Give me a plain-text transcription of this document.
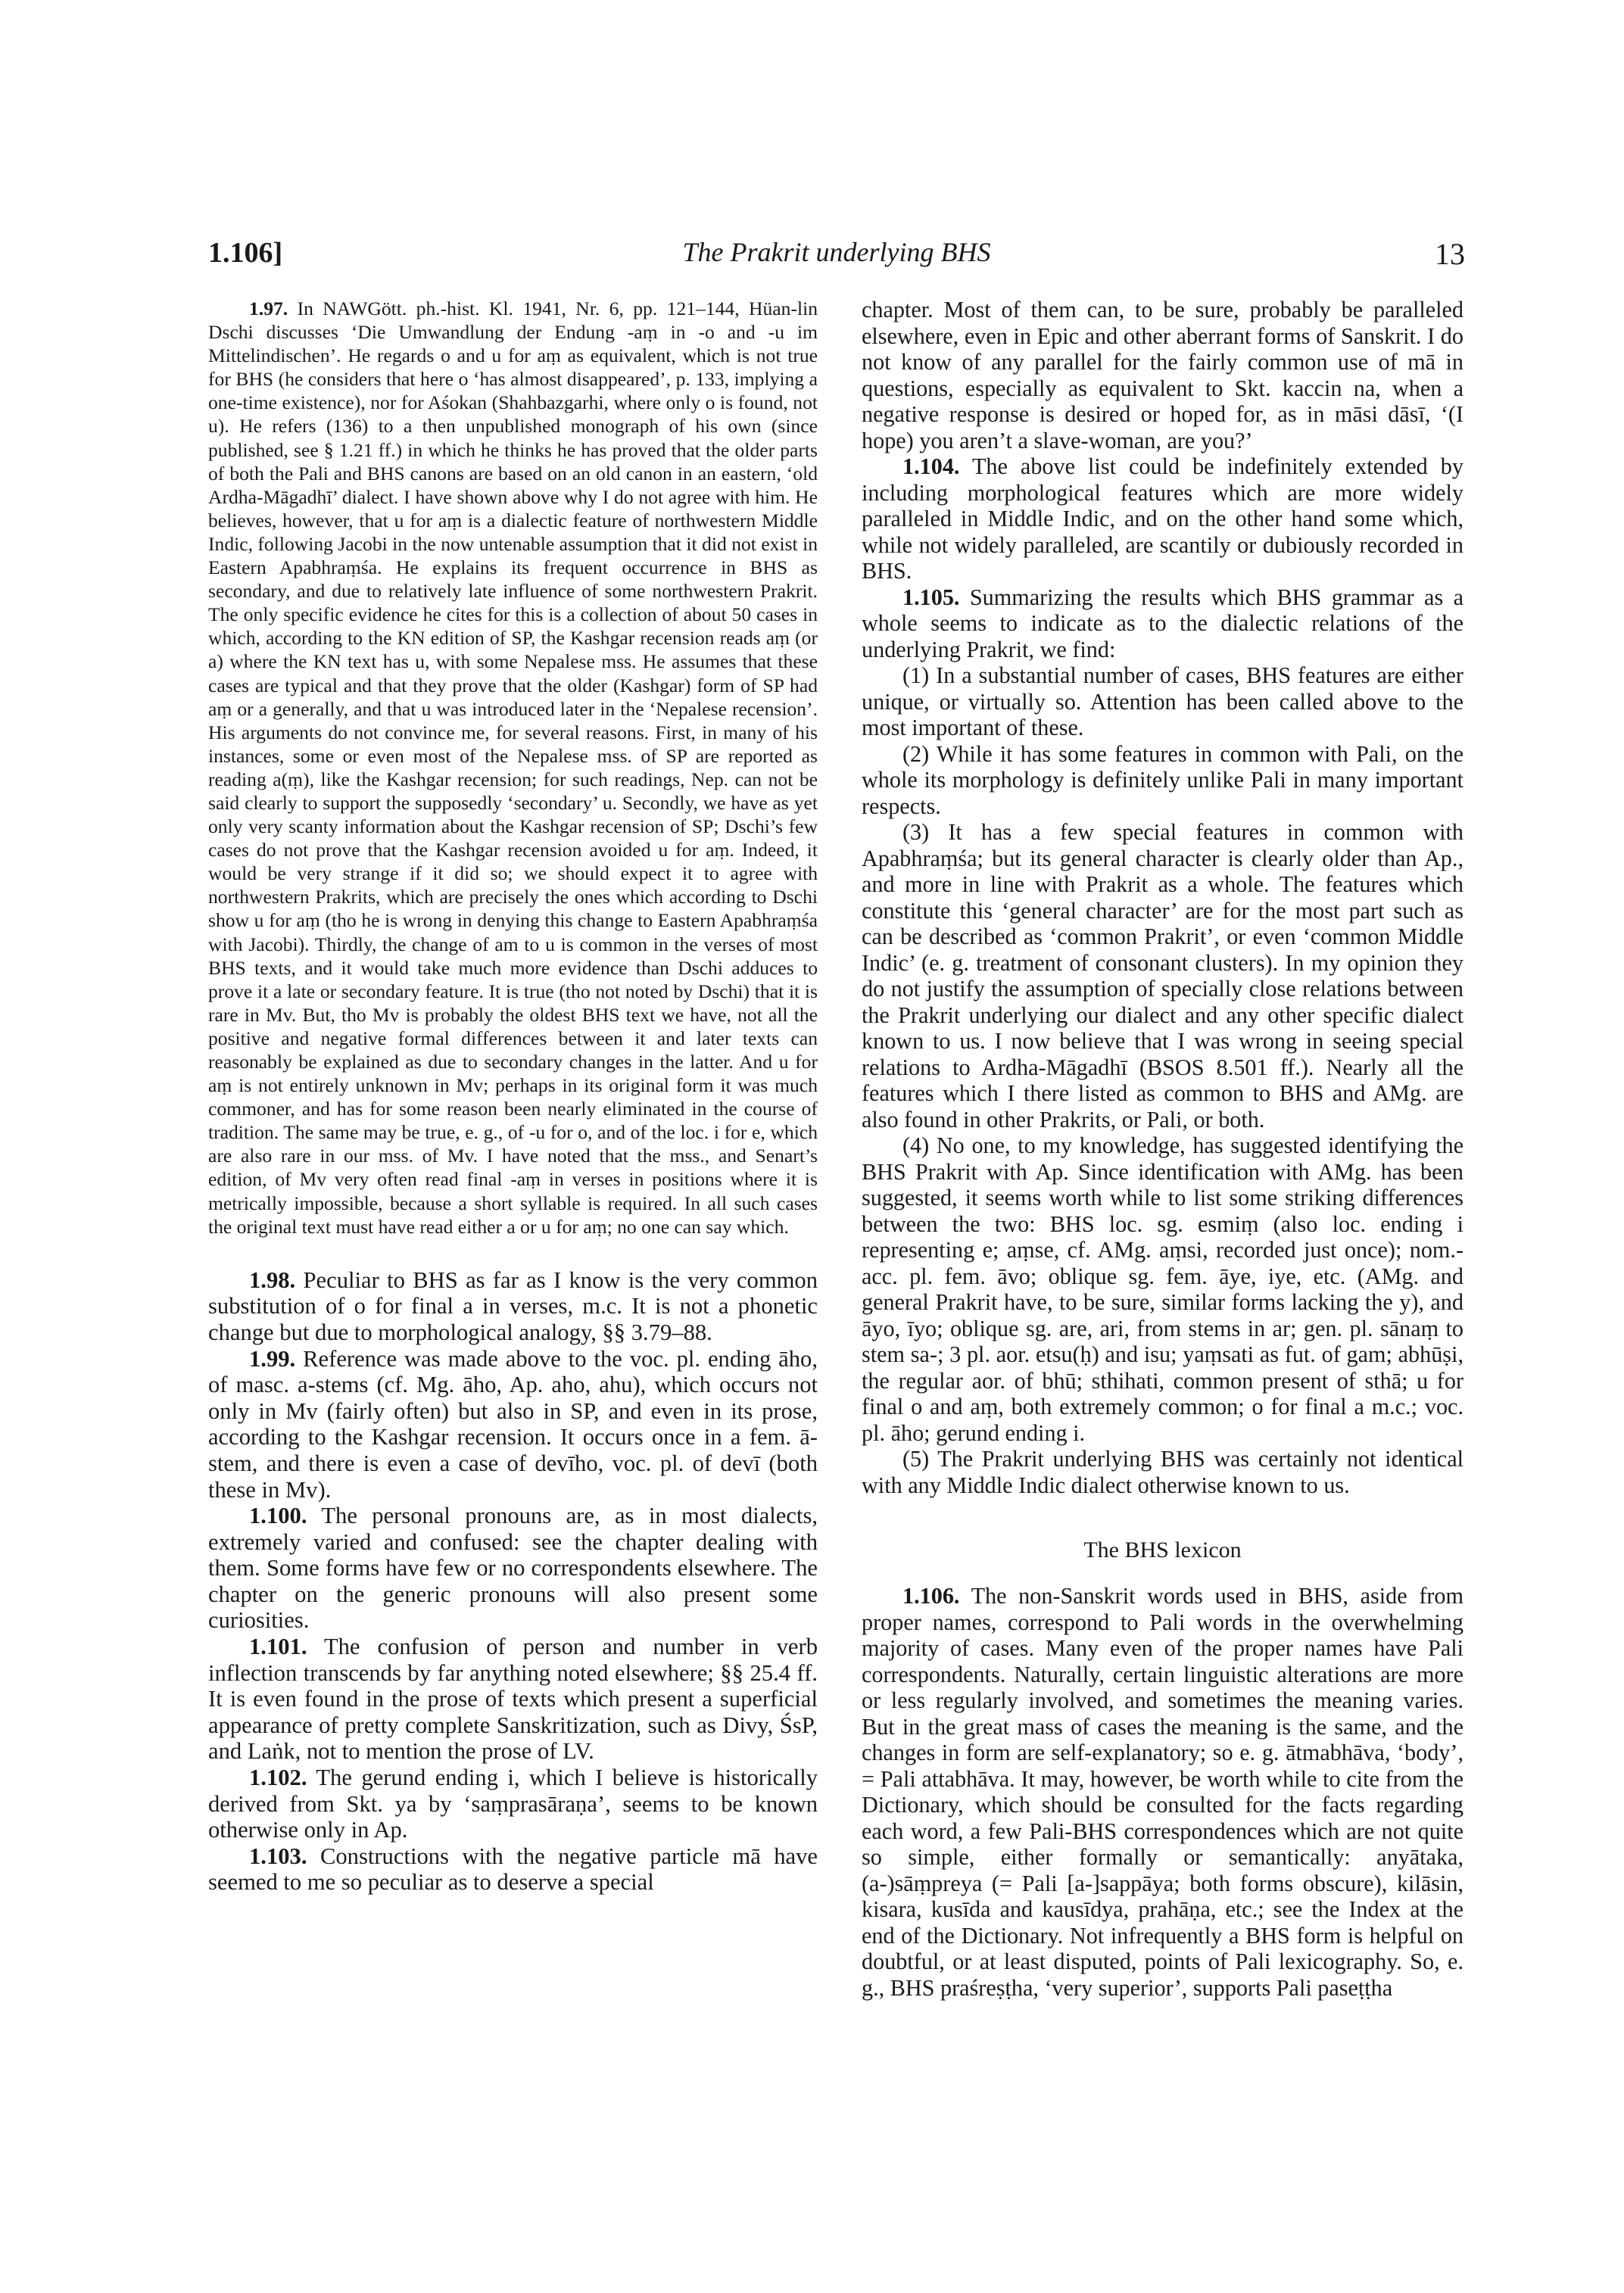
1.106]	The Prakrit underlying BHS	13

1.97. In NAWGött. ph.-hist. Kl. 1941, Nr. 6, pp. 121–144, Hüan-lin Dschi discusses ‘Die Umwandlung der Endung -aṃ in -o and -u im Mittelindischen’. He regards o and u for aṃ as equivalent, which is not true for BHS (he considers that here o ‘has almost disappeared’, p. 133, implying a one-time existence), nor for Aśokan (Shahbazgarhi, where only o is found, not u). He refers (136) to a then unpublished monograph of his own (since published, see § 1.21 ff.) in which he thinks he has proved that the older parts of both the Pali and BHS canons are based on an old canon in an eastern, ‘old Ardha-Māgadhī’ dialect. I have shown above why I do not agree with him. He believes, however, that u for aṃ is a dialectic feature of northwestern Middle Indic, following Jacobi in the now untenable assumption that it did not exist in Eastern Apabhraṃśa. He explains its frequent occurrence in BHS as secondary, and due to relatively late influence of some northwestern Prakrit. The only specific evidence he cites for this is a collection of about 50 cases in which, according to the KN edition of SP, the Kashgar recension reads aṃ (or a) where the KN text has u, with some Nepalese mss. He assumes that these cases are typical and that they prove that the older (Kashgar) form of SP had aṃ or a generally, and that u was introduced later in the ‘Nepalese recension’. His arguments do not convince me, for several reasons. First, in many of his instances, some or even most of the Nepalese mss. of SP are reported as reading a(ṃ), like the Kashgar recension; for such readings, Nep. can not be said clearly to support the supposedly ‘secondary’ u. Secondly, we have as yet only very scanty information about the Kashgar recension of SP; Dschi’s few cases do not prove that the Kashgar recension avoided u for aṃ. Indeed, it would be very strange if it did so; we should expect it to agree with northwestern Prakrits, which are precisely the ones which according to Dschi show u for aṃ (tho he is wrong in denying this change to Eastern Apabhraṃśa with Jacobi). Thirdly, the change of am to u is common in the verses of most BHS texts, and it would take much more evidence than Dschi adduces to prove it a late or secondary feature. It is true (tho not noted by Dschi) that it is rare in Mv. But, tho Mv is probably the oldest BHS text we have, not all the positive and negative formal differences between it and later texts can reasonably be explained as due to secondary changes in the latter. And u for aṃ is not entirely unknown in Mv; perhaps in its original form it was much commoner, and has for some reason been nearly eliminated in the course of tradition. The same may be true, e. g., of -u for o, and of the loc. i for e, which are also rare in our mss. of Mv. I have noted that the mss., and Senart’s edition, of Mv very often read final -aṃ in verses in positions where it is metrically impossible, because a short syllable is required. In all such cases the original text must have read either a or u for aṃ; no one can say which.

1.98. Peculiar to BHS as far as I know is the very common substitution of o for final a in verses, m.c. It is not a phonetic change but due to morphological analogy, §§ 3.79–88.

1.99. Reference was made above to the voc. pl. ending āho, of masc. a-stems (cf. Mg. āho, Ap. aho, ahu), which occurs not only in Mv (fairly often) but also in SP, and even in its prose, according to the Kashgar recension. It occurs once in a fem. ā-stem, and there is even a case of devīho, voc. pl. of devī (both these in Mv).

1.100. The personal pronouns are, as in most dialects, extremely varied and confused: see the chapter dealing with them. Some forms have few or no correspondents elsewhere. The chapter on the generic pronouns will also present some curiosities.

1.101. The confusion of person and number in verb inflection transcends by far anything noted elsewhere; §§ 25.4 ff. It is even found in the prose of texts which present a superficial appearance of pretty complete Sanskritization, such as Divy, ŚsP, and Laṅk, not to mention the prose of LV.

1.102. The gerund ending i, which I believe is historically derived from Skt. ya by ‘saṃprasāraṇa’, seems to be known otherwise only in Ap.

1.103. Constructions with the negative particle mā have seemed to me so peculiar as to deserve a special

chapter. Most of them can, to be sure, probably be paralleled elsewhere, even in Epic and other aberrant forms of Sanskrit. I do not know of any parallel for the fairly common use of mā in questions, especially as equivalent to Skt. kaccin na, when a negative response is desired or hoped for, as in māsi dāsī, ‘(I hope) you aren’t a slave-woman, are you?’

1.104. The above list could be indefinitely extended by including morphological features which are more widely paralleled in Middle Indic, and on the other hand some which, while not widely paralleled, are scantily or dubiously recorded in BHS.

1.105. Summarizing the results which BHS grammar as a whole seems to indicate as to the dialectic relations of the underlying Prakrit, we find:

(1) In a substantial number of cases, BHS features are either unique, or virtually so. Attention has been called above to the most important of these.

(2) While it has some features in common with Pali, on the whole its morphology is definitely unlike Pali in many important respects.

(3) It has a few special features in common with Apabhraṃśa; but its general character is clearly older than Ap., and more in line with Prakrit as a whole. The features which constitute this ‘general character’ are for the most part such as can be described as ‘common Prakrit’, or even ‘common Middle Indic’ (e. g. treatment of consonant clusters). In my opinion they do not justify the assumption of specially close relations between the Prakrit underlying our dialect and any other specific dialect known to us. I now believe that I was wrong in seeing special relations to Ardha-Māgadhī (BSOS 8.501 ff.). Nearly all the features which I there listed as common to BHS and AMg. are also found in other Prakrits, or Pali, or both.

(4) No one, to my knowledge, has suggested identifying the BHS Prakrit with Ap. Since identification with AMg. has been suggested, it seems worth while to list some striking differences between the two: BHS loc. sg. esmiṃ (also loc. ending i representing e; aṃse, cf. AMg. aṃsi, recorded just once); nom.-acc. pl. fem. āvo; oblique sg. fem. āye, iye, etc. (AMg. and general Prakrit have, to be sure, similar forms lacking the y), and āyo, īyo; oblique sg. are, ari, from stems in ar; gen. pl. sānaṃ to stem sa-; 3 pl. aor. etsu(ḥ) and isu; yaṃsati as fut. of gam; abhūṣi, the regular aor. of bhū; sthihati, common present of sthā; u for final o and aṃ, both extremely common; o for final a m.c.; voc. pl. āho; gerund ending i.

(5) The Prakrit underlying BHS was certainly not identical with any Middle Indic dialect otherwise known to us.

The BHS lexicon

1.106. The non-Sanskrit words used in BHS, aside from proper names, correspond to Pali words in the overwhelming majority of cases. Many even of the proper names have Pali correspondents. Naturally, certain linguistic alterations are more or less regularly involved, and sometimes the meaning varies. But in the great mass of cases the meaning is the same, and the changes in form are self-explanatory; so e. g. ātmabhāva, ‘body’, = Pali attabhāva. It may, however, be worth while to cite from the Dictionary, which should be consulted for the facts regarding each word, a few Pali-BHS correspondences which are not quite so simple, either formally or semantically: anyātaka, (a-)sāṃpreya (= Pali [a-]sappāya; both forms obscure), kilāsin, kisara, kusīda and kausīdya, prahāṇa, etc.; see the Index at the end of the Dictionary. Not infrequently a BHS form is helpful on doubtful, or at least disputed, points of Pali lexicography. So, e. g., BHS praśreṣṭha, ‘very superior’, supports Pali paseṭṭha
